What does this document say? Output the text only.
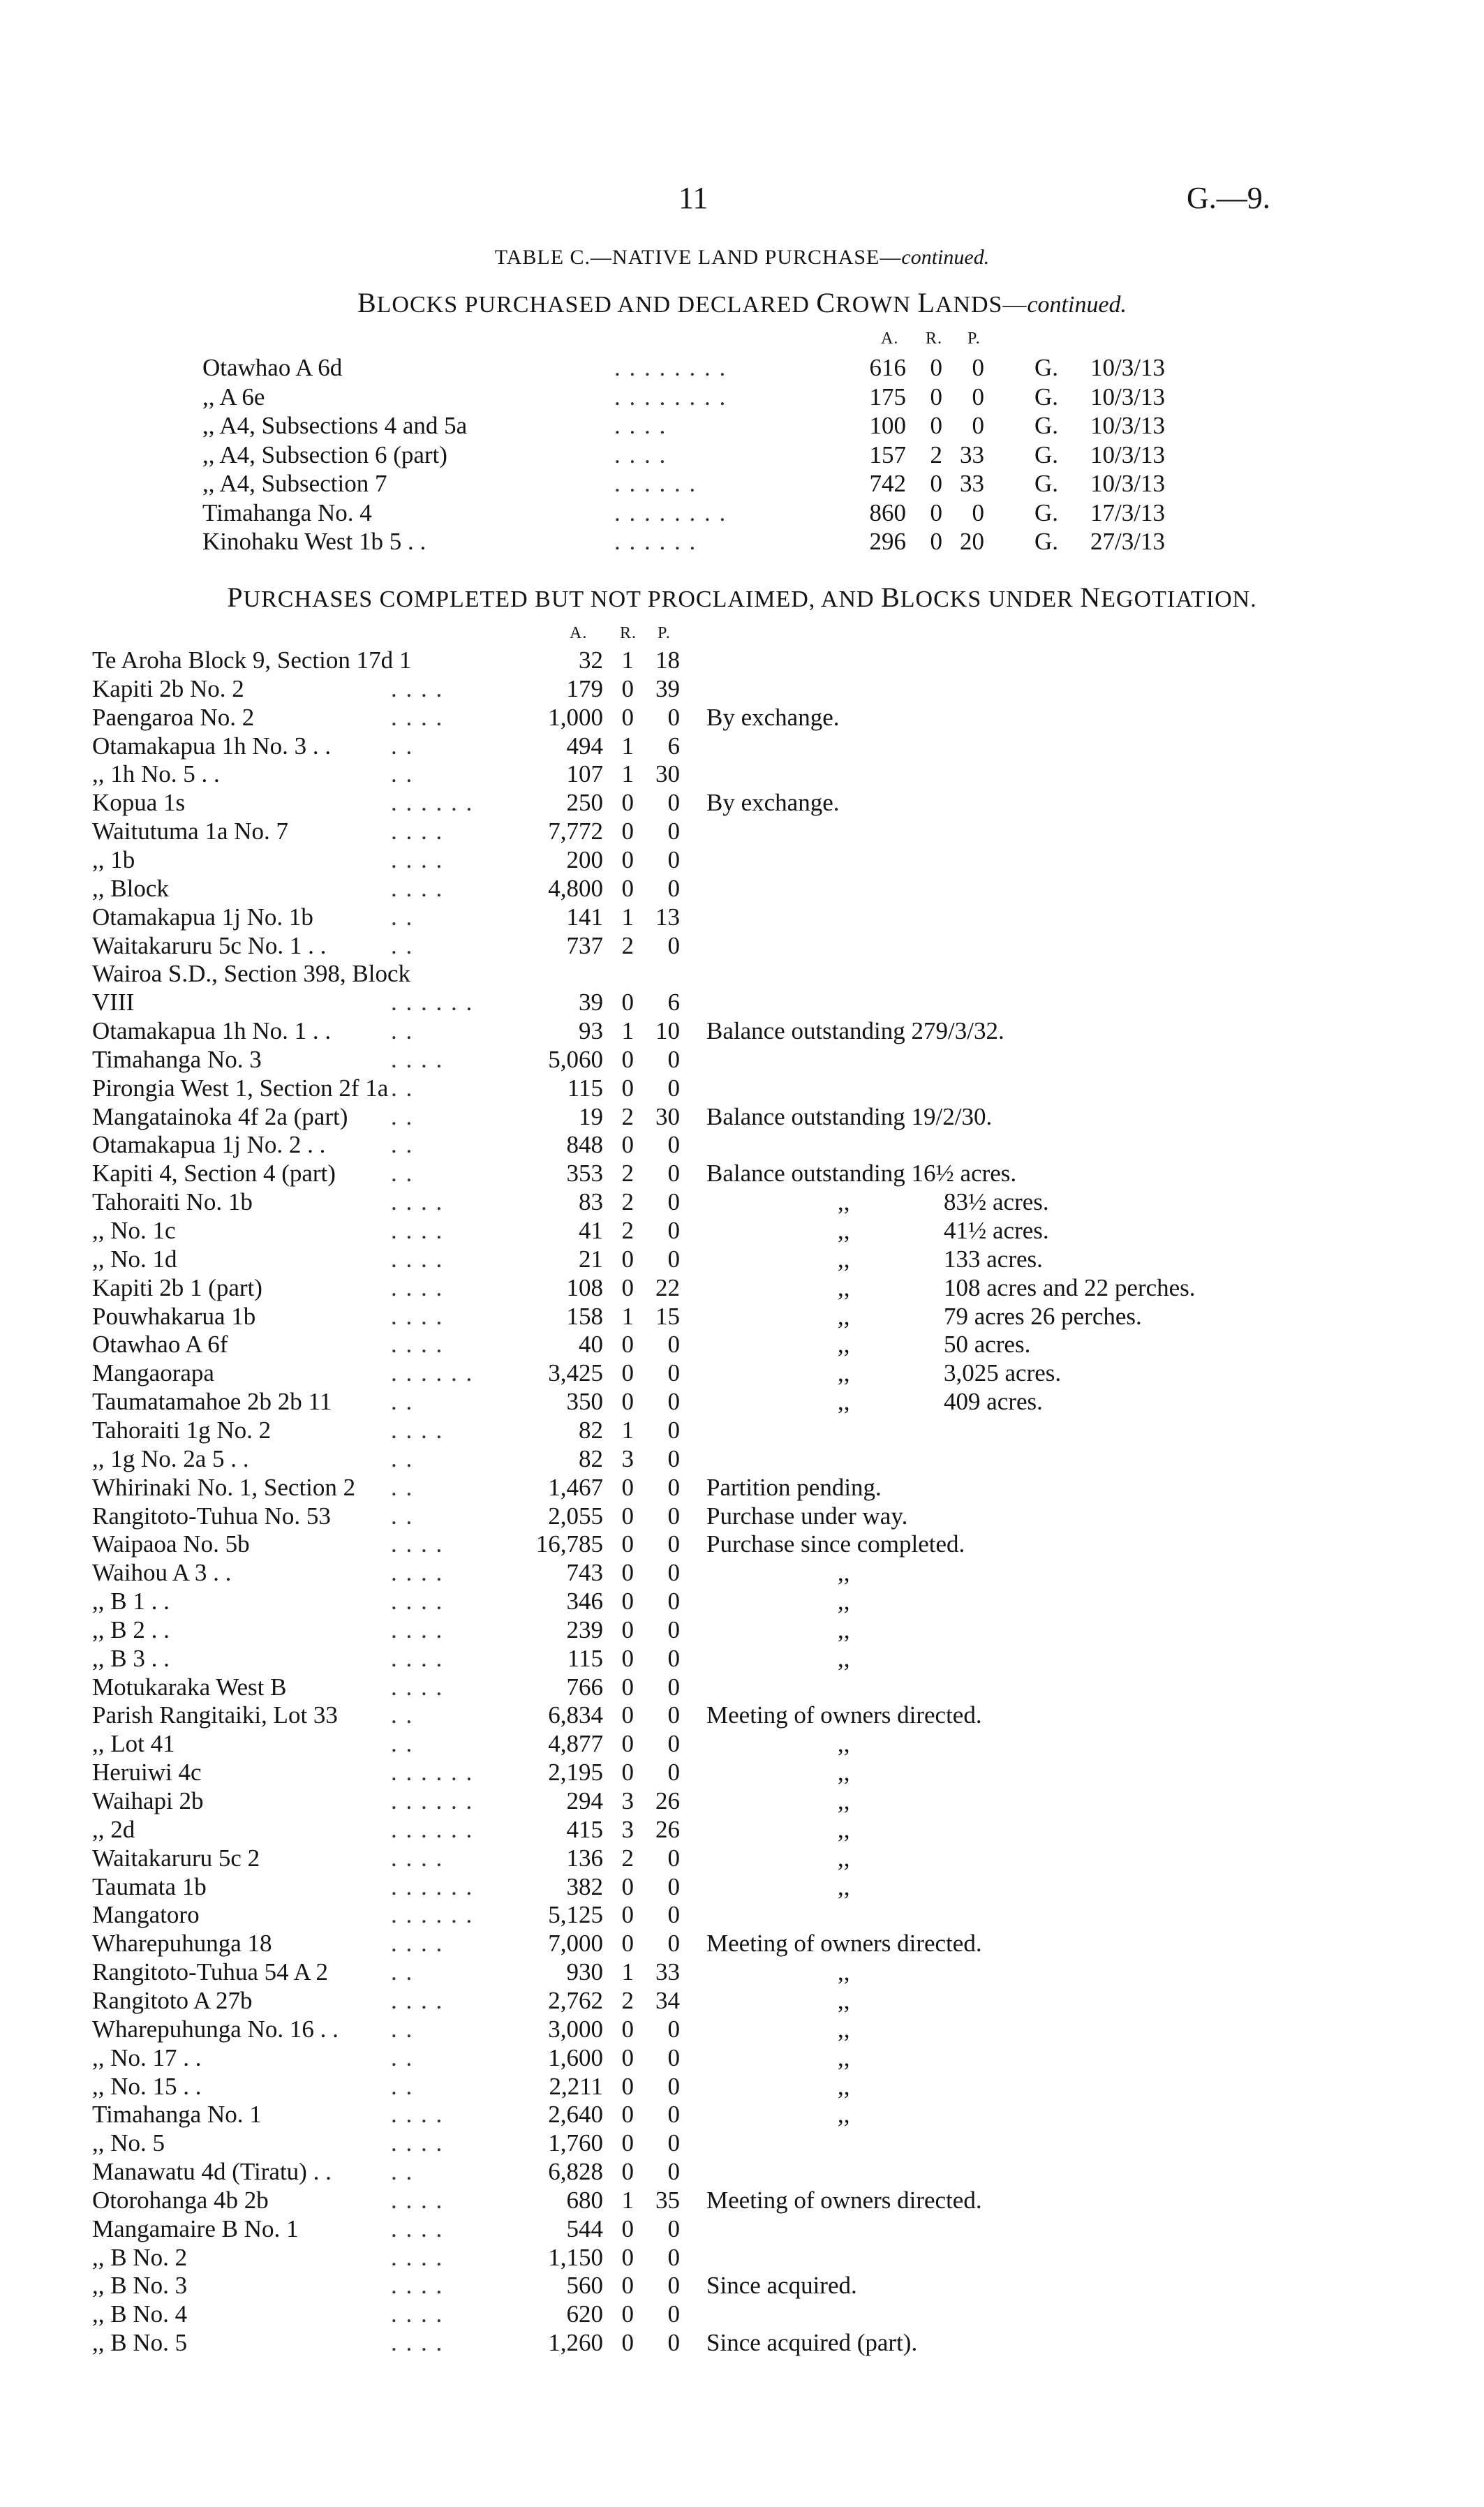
11	G.—9.
TABLE C.—NATIVE LAND PURCHASE—continued.
BLOCKS PURCHASED AND DECLARED CROWN LANDS—continued.
A. R. P.
Otawhao A 6d	. . . . . . . .	616 0	0 G. 10/3/13
,, A 6e	. . . . . . . .	175 0	0 G. 10/3/13
,, A4, Subsections 4 and 5a	. . . .	100 0	0 G. 10/3/13
,, A4, Subsection 6 (part)	. . . .	157 2 33 G. 10/3/13
,, A4, Subsection 7	. . . . . .	742 0 33 G. 10/3/13
Timahanga No. 4	. . . . . . . .	860 0	0 G. 17/3/13
Kinohaku West 1b 5 . .	. . . . . .	296 0 20 G. 27/3/13
PURCHASES COMPLETED BUT NOT PROCLAIMED, AND BLOCKS UNDER NEGOTIATION.
A. R. P.
Te Aroha Block 9, Section 17d 1	32 1 18
Kapiti 2b No. 2	. . . .	179 0 39
Paengaroa No. 2	. . . .	1,000 0	0 By exchange.
Otamakapua 1h No. 3 . . . .	494 1	6
,, 1h No. 5 . .	. .	107 1 30
Kopua 1s	. . . . . .	250 0	0 By exchange.
Waitutuma 1a No. 7	. . . .	7,772 0	0
,, 1b	. . . .	200 0	0
,, Block	. . . .	4,800 0	0
Otamakapua 1j No. 1b	. .	141 1 13
Waitakaruru 5c No. 1 . .	. .	737 2	0
Wairoa S.D., Section 398, Block
VIII	. . . . . .	39 0	6
Otamakapua 1h No. 1 . . . .	93 1 10 Balance outstanding 279/3/32.
Timahanga No. 3	. . . .	5,060 0	0
Pirongia West 1, Section 2f 1a . .	115 0	0
Mangatainoka 4f 2a (part) . .	19 2 30 Balance outstanding 19/2/30.
Otamakapua 1j No. 2 . .	. .	848 0	0
Kapiti 4, Section 4 (part) . .	353 2	0 Balance outstanding 16½ acres.
Tahoraiti No. 1b	. . . .	83 2	0	,,	83½ acres.
,, No. 1c	. . . .	41 2	0	,,	41½ acres.
,, No. 1d	. . . .	21 0	0	,,	133 acres.
Kapiti 2b 1 (part)	. . . .	108 0 22	,,	108 acres and 22 perches.
Pouwhakarua 1b	. . . .	158 1 15	,,	79 acres 26 perches.
Otawhao A 6f	. . . .	40 0	0	,,	50 acres.
Mangaorapa	. . . . . .	3,425 0	0	,,	3,025 acres.
Taumatamahoe 2b 2b 11 . .	350 0	0	,,	409 acres.
Tahoraiti 1g No. 2	. . . .	82 1	0
,, 1g No. 2a 5 . .	. .	82 3	0
Whirinaki No. 1, Section 2 . .	1,467 0	0 Partition pending.
Rangitoto-Tuhua No. 53 . .	2,055 0	0 Purchase under way.
Waipaoa No. 5b	. . . .	16,785 0	0 Purchase since completed.
Waihou A 3 . .	. . . .	743 0	0	,,
,, B 1 . .	. . . .	346 0	0	,,
,, B 2 . .	. . . .	239 0	0	,,
,, B 3 . .	. . . .	115 0	0	,,
Motukaraka West B	. . . .	766 0	0
Parish Rangitaiki, Lot 33 . .	6,834 0	0 Meeting of owners directed.
,, Lot 41	. .	4,877 0	0	,,
Heruiwi 4c	. . . . . .	2,195 0	0	,,
Waihapi 2b	. . . . . .	294 3 26	,,
,, 2d	. . . . . .	415 3 26	,,
Waitakaruru 5c 2	. . . .	136 2	0	,,
Taumata 1b	. . . . . .	382 0	0	,,
Mangatoro	. . . . . .	5,125 0	0
Wharepuhunga 18	. . . .	7,000 0	0 Meeting of owners directed.
Rangitoto-Tuhua 54 A 2	. .	930 1 33	,,
Rangitoto A 27b	. . . .	2,762 2 34	,,
Wharepuhunga No. 16 . . . .	3,000 0	0	,,
,, No. 17 . .	. .	1,600 0	0	,,
,, No. 15 . .	. .	2,211 0	0	,,
Timahanga No. 1	. . . .	2,640 0	0	,,
,, No. 5	. . . .	1,760 0	0
Manawatu 4d (Tiratu) . . . .	6,828 0	0
Otorohanga 4b 2b	. . . .	680 1 35 Meeting of owners directed.
Mangamaire B No. 1	. . . .	544 0	0
,, B No. 2	. . . .	1,150 0	0
,, B No. 3	. . . .	560 0	0 Since acquired.
,, B No. 4	. . . .	620 0	0
,, B No. 5	. . . .	1,260 0	0 Since acquired (part).
